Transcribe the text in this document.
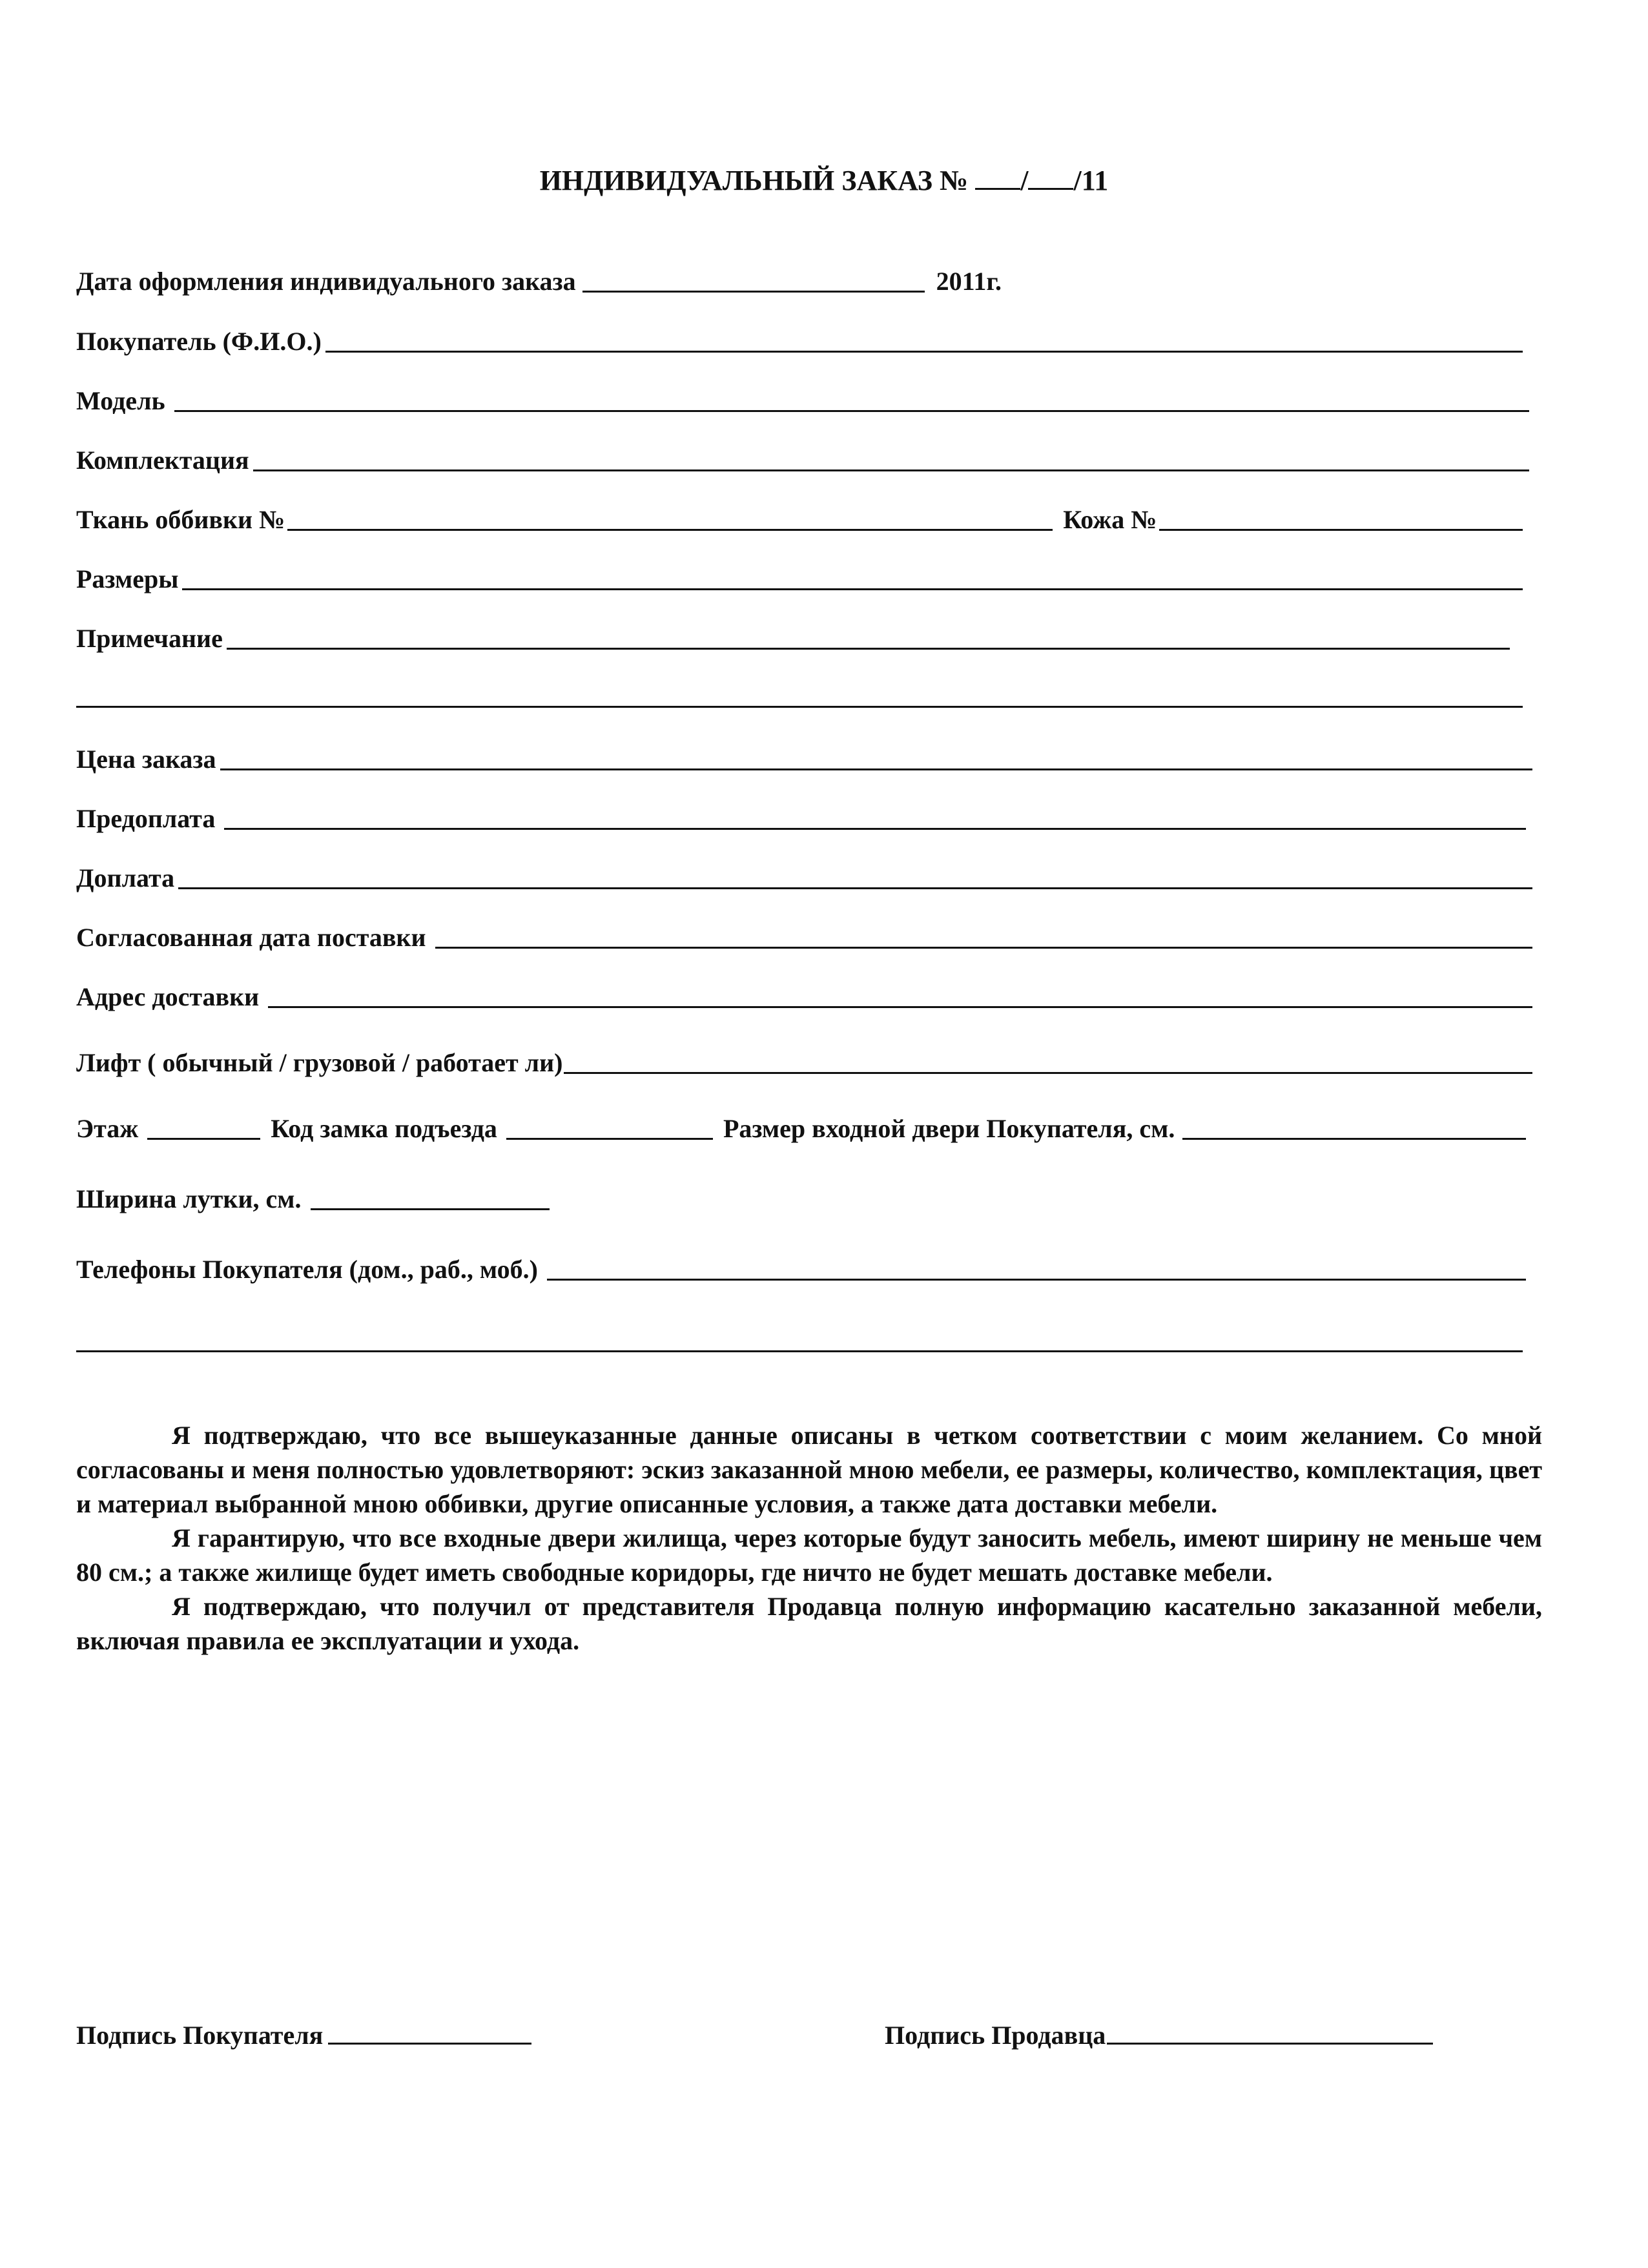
ИНДИВИДУАЛЬНЫЙ ЗАКАЗ № / /11
Дата оформления индивидуального заказа	2011г.
Покупатель (Ф.И.О.)
Модель
Комплектация
Ткань оббивки №	Кожа №
Размеры
Примечание
Цена заказа
Предоплата
Доплата
Согласованная дата поставки
Адрес доставки
Лифт ( обычный / грузовой / работает ли)
Этаж	Код замка подъезда	Размер входной двери Покупателя, см.
Ширина лутки, см.
Телефоны Покупателя (дом., раб., моб.)

Я подтверждаю, что все вышеуказанные данные описаны в четком соответствии с моим желанием. Со мной согласованы и меня полностью удовлетворяют: эскиз заказанной мною мебели, ее размеры, количество, комплектация, цвет и материал выбранной мною оббивки, другие описанные условия, а также дата доставки мебели.

Я гарантирую, что все входные двери жилища, через которые будут заносить мебель, имеют ширину не меньше чем 80 см.; а также жилище будет иметь свободные коридоры, где ничто не будет мешать доставке мебели.

Я подтверждаю, что получил от представителя Продавца полную информацию касательно заказанной мебели, включая правила ее эксплуатации и ухода.

Подпись Покупателя	Подпись Продавца
